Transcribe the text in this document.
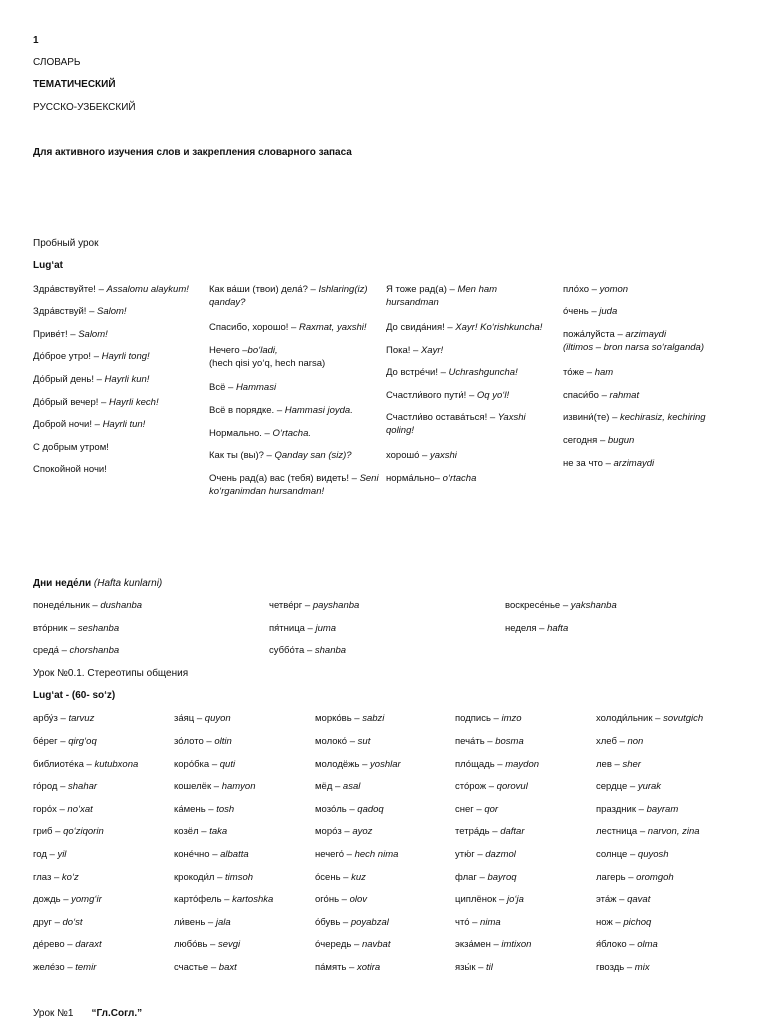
1
СЛОВАРЬ
ТЕМАТИЧЕСКИЙ
РУССКО-УЗБЕКСКИЙ
Для активного изучения слов и закрепления словарного запаса
Пробный урок
Lug‘at
Здра́вствуйте! – Assalomu alaykum!
Здра́вствуй! – Salom!
Приве́т! – Salom!
До́брое утро! – Hayrli tong!
До́брый день! – Hayrli kun!
До́брый вечер! – Hayrli kech!
Доброй ночи! – Hayrli tun!
С добрым утром!
Спокойной ночи!
Как ва́ши (твои) дела́? – Ishlaring(iz) qanday?
Спасибо, хорошо! – Raxmat, yaxshi!
Нечего –bo‘ladi,
(hech qisi yo‘q, hech narsa)
Всё – Hammasi
Всё в порядке. – Hammasi joyda.
Нормально. – O‘rtacha.
Как ты (вы)? – Qanday san (siz)?
Очень рад(а) вас (тебя) видеть! – Seni ko‘rganimdan hursandman!
Я тоже рад(а) – Men ham hursandman
До свида́ния! – Xayr! Ko‘rishkuncha!
Пока! – Xayr!
До встре́чи! – Uchrashguncha!
Счастли́вого пути́! – Oq yo‘l!
Счастли́во остава́ться! – Yaxshi qoling!
хорошо́ – yaxshi
норма́льно– o‘rtacha
пло́хо – yomon
о́чень – juda
пожа́луйста – arzimaydi
(iltimos – bron narsa so‘ralganda)
то́же – ham
спаси́бо – rahmat
извини́(те) – kechirasiz, kechiring
сегодня – bugun
не за что – arzimaydi
Дни неде́ли (Hafta kunlarni)
понеде́льник – dushanba
вто́рник – seshanba
среда́ – chorshanba
четве́рг – payshanba
пя́тница – juma
суббо́та – shanba
воскресе́нье – yakshanba
неделя – hafta
Урок №0.1. Стереотипы общения
Lug‘at - (60- so‘z)
арбу́з – tarvuz
бе́рег – qirg‘oq
библиоте́ка – kutubxona
го́род – shahar
горо́х – no‘xat
гриб – qo‘ziqorin
год – yil
глаз – ko‘z
дождь – yomg‘ir
друг – do‘st
де́рево – daraxt
желе́зо – temir
за́яц – quyon
зо́лото – oltin
коро́бка – quti
кошелёк – hamyon
ка́мень – tosh
козёл – taka
коне́чно – albatta
крокоди́л – timsoh
карто́фель – kartoshka
ли́вень – jala
любо́вь – sevgi
счастье – baxt
морко́вь – sabzi
молоко́ – sut
молодёжь – yoshlar
мёд – asal
мозо́ль – qadoq
моро́з – ayoz
нечего́ – hech nima
о́сень – kuz
ого́нь – olov
о́бувь – poyabzal
о́чередь – navbat
па́мять – xotira
подпись – imzo
печа́ть – bosma
пло́щадь – maydon
сто́рож – qorovul
снег – qor
тетра́дь – daftar
утю́г – dazmol
флаг – bayroq
циплёнок – jo‘ja
что́ – nima
экза́мен – imtixon
язы́к – til
холоди́льник – sovutgich
хлеб – non
лев – sher
сердце – yurak
праздник – bayram
лестница – narvon, zina
солнце – quyosh
лагерь – oromgoh
эта́ж – qavat
нож – pichoq
я́блоко – olma
гвоздь – mix
Урок №1 “Гл.Согл.”
